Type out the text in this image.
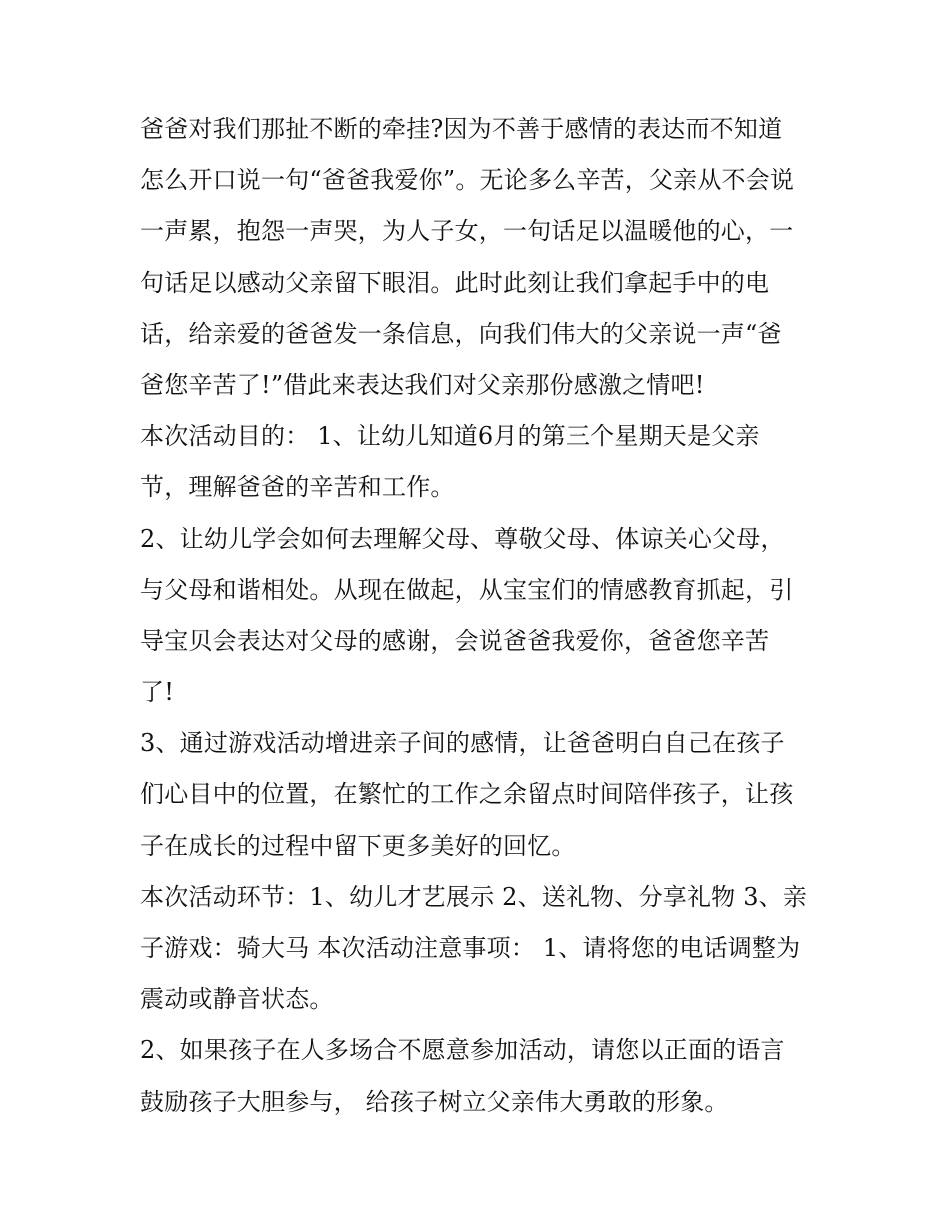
爸爸对我们那扯不断的牵挂?因为不善于感情的表达而不知道
怎么开口说一句“爸爸我爱你”。无论多么辛苦，父亲从不会说
一声累，抱怨一声哭，为人子女，一句话足以温暖他的心，一
句话足以感动父亲留下眼泪。此时此刻让我们拿起手中的电
话，给亲爱的爸爸发一条信息，向我们伟大的父亲说一声“爸
爸您辛苦了!”借此来表达我们对父亲那份感激之情吧!
本次活动目的： 1、让幼儿知道6月的第三个星期天是父亲
节，理解爸爸的辛苦和工作。
2、让幼儿学会如何去理解父母、尊敬父母、体谅关心父母，
与父母和谐相处。从现在做起，从宝宝们的情感教育抓起，引
导宝贝会表达对父母的感谢，会说爸爸我爱你，爸爸您辛苦
了!
3、通过游戏活动增进亲子间的感情，让爸爸明白自己在孩子
们心目中的位置，在繁忙的工作之余留点时间陪伴孩子，让孩
子在成长的过程中留下更多美好的回忆。
本次活动环节：1、幼儿才艺展示 2、送礼物、分享礼物 3、亲
子游戏：骑大马 本次活动注意事项： 1、请将您的电话调整为
震动或静音状态。
2、如果孩子在人多场合不愿意参加活动，请您以正面的语言
鼓励孩子大胆参与， 给孩子树立父亲伟大勇敢的形象。
